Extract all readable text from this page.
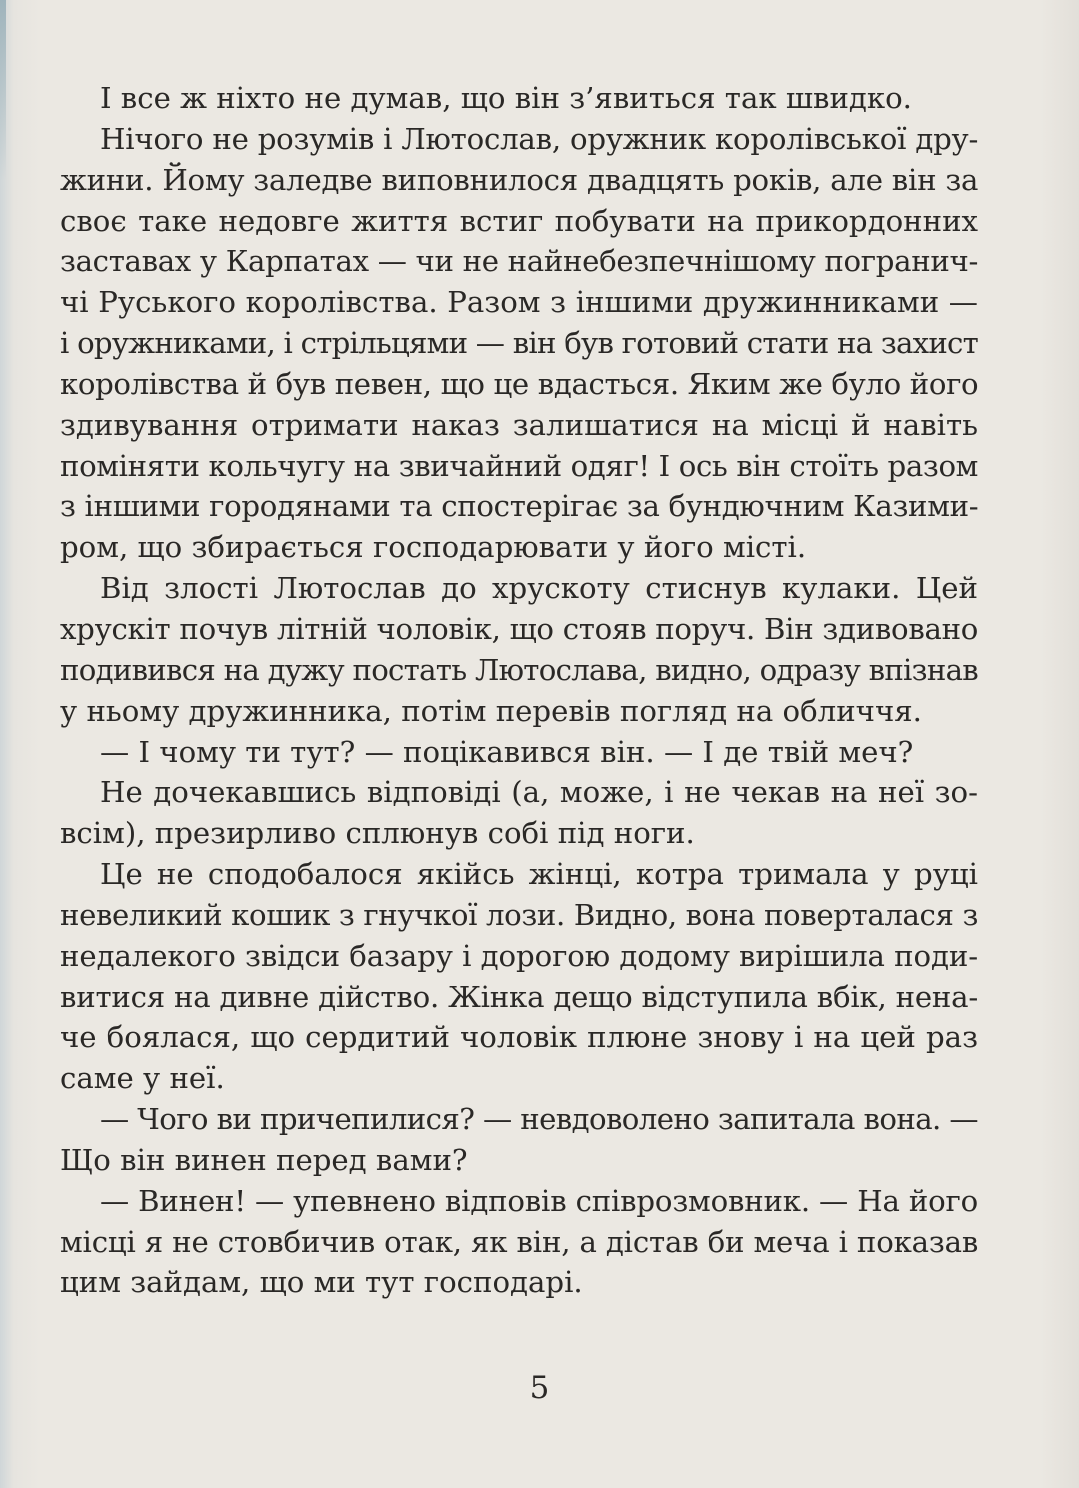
І все ж ніхто не думав, що він з’явиться так швидко.
Нічого не розумів і Лютослав, оружник королівської дру-
жини. Йому заледве виповнилося двадцять років, але він за
своє таке недовге життя встиг побувати на прикордонних
заставах у Карпатах — чи не найнебезпечнішому погранич-
чі Руського королівства. Разом з іншими дружинниками —
і оружниками, і стрільцями — він був готовий стати на захист
королівства й був певен, що це вдасться. Яким же було його
здивування отримати наказ залишатися на місці й навіть
поміняти кольчугу на звичайний одяг! І ось він стоїть разом
з іншими городянами та спостерігає за бундючним Казими-
ром, що збирається господарювати у його місті.
Від злості Лютослав до хрускоту стиснув кулаки. Цей
хрускіт почув літній чоловік, що стояв поруч. Він здивовано
подивився на дужу постать Лютослава, видно, одразу впізнав
у ньому дружинника, потім перевів погляд на обличчя.
— І чому ти тут? — поцікавився він. — І де твій меч?
Не дочекавшись відповіді (а, може, і не чекав на неї зо-
всім), презирливо сплюнув собі під ноги.
Це не сподобалося якійсь жінці, котра тримала у руці
невеликий кошик з гнучкої лози. Видно, вона поверталася з
недалекого звідси базару і дорогою додому вирішила поди-
витися на дивне дійство. Жінка дещо відступила вбік, нена-
че боялася, що сердитий чоловік плюне знову і на цей раз
саме у неї.
— Чого ви причепилися? — невдоволено запитала вона. —
Що він винен перед вами?
— Винен! — упевнено відповів співрозмовник. — На його
місці я не стовбичив отак, як він, а дістав би меча і показав
цим зайдам, що ми тут господарі.
5
